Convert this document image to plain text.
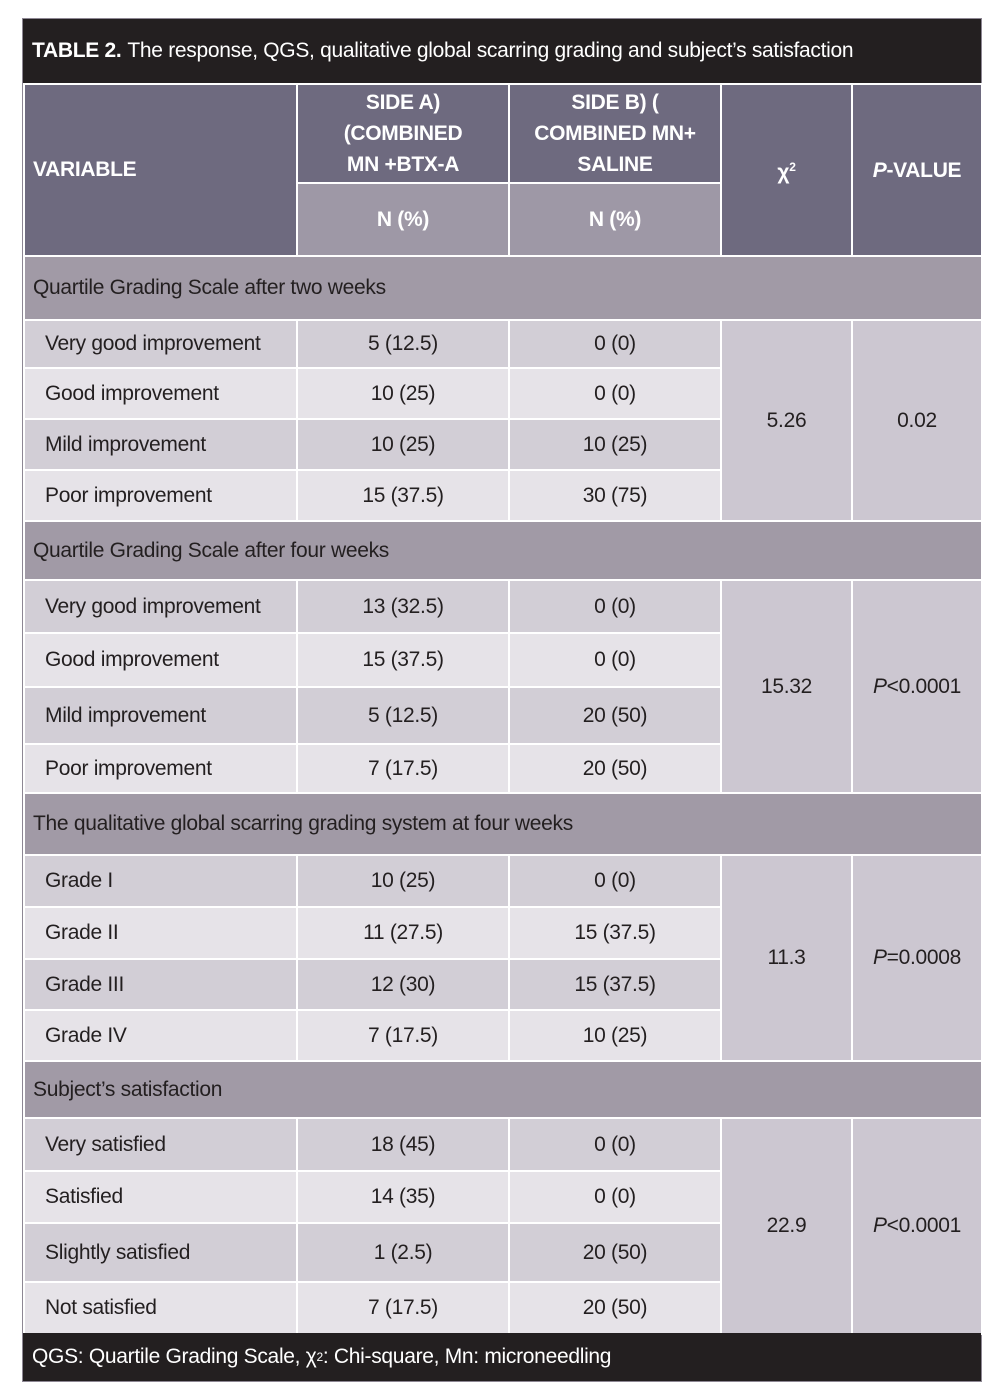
TABLE 2. The response, QGS, qualitative global scarring grading and subject’s satisfaction
VARIABLE	SIDE A) (COMBINED MN +BTX-A	SIDE B) ( COMBINED MN+ SALINE	$\chi^2$	P-VALUE
	N (%)	N (%)		
Quartile Grading Scale after two weeks				
Very good improvement	5 (12.5)	0 (0)	5.26	0.02
Good improvement	10 (25)	0 (0)		
Mild improvement	10 (25)	10 (25)		
Poor improvement	15 (37.5)	30 (75)		
Quartile Grading Scale after four weeks				
Very good improvement	13 (32.5)	0 (0)	15.32	P<0.0001
Good improvement	15 (37.5)	0 (0)		
Mild improvement	5 (12.5)	20 (50)		
Poor improvement	7 (17.5)	20 (50)		
The qualitative global scarring grading system at four weeks				
Grade I	10 (25)	0 (0)	11.3	P=0.0008
Grade II	11 (27.5)	15 (37.5)		
Grade III	12 (30)	15 (37.5)		
Grade IV	7 (17.5)	10 (25)		
Subject’s satisfaction				
Very satisfied	18 (45)	0 (0)	22.9	P<0.0001
Satisfied	14 (35)	0 (0)		
Slightly satisfied	1 (2.5)	20 (50)		
Not satisfied	7 (17.5)	20 (50)		
QGS: Quartile Grading Scale, χ 2 : Chi-square, Mn: microneedling
